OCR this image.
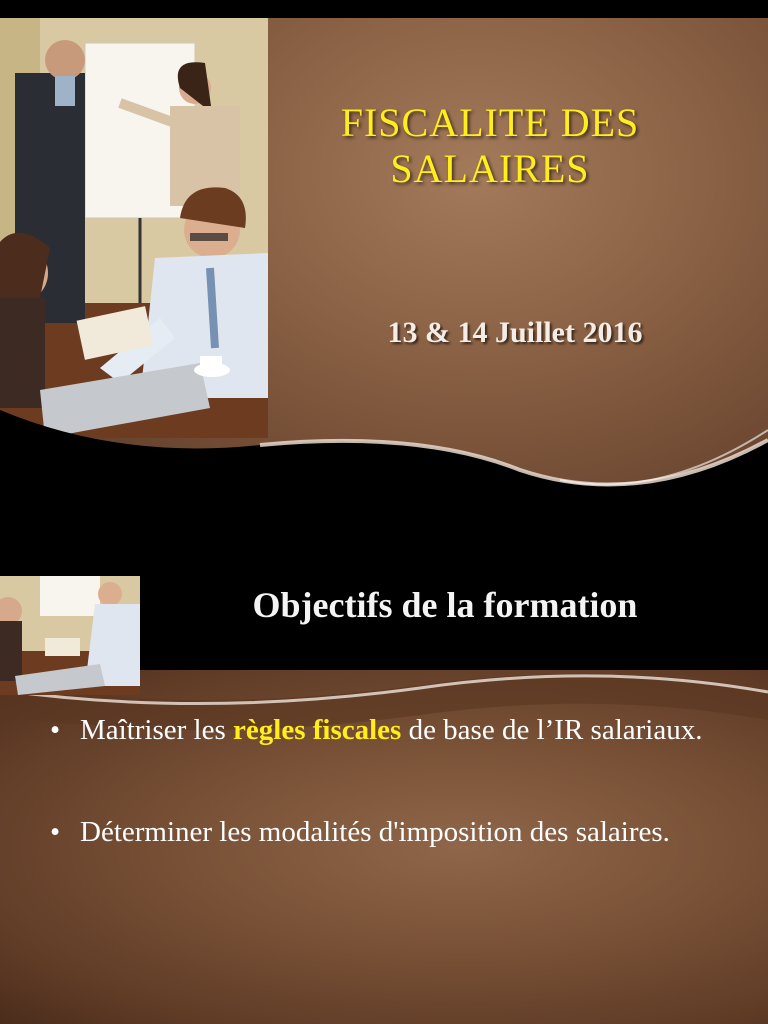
FISCALITE DES
SALAIRES
13 & 14 Juillet 2016
Objectifs de la formation
• Maîtriser les règles fiscales de base de l’IR salariaux.
• Déterminer les modalités d'imposition des salaires.
